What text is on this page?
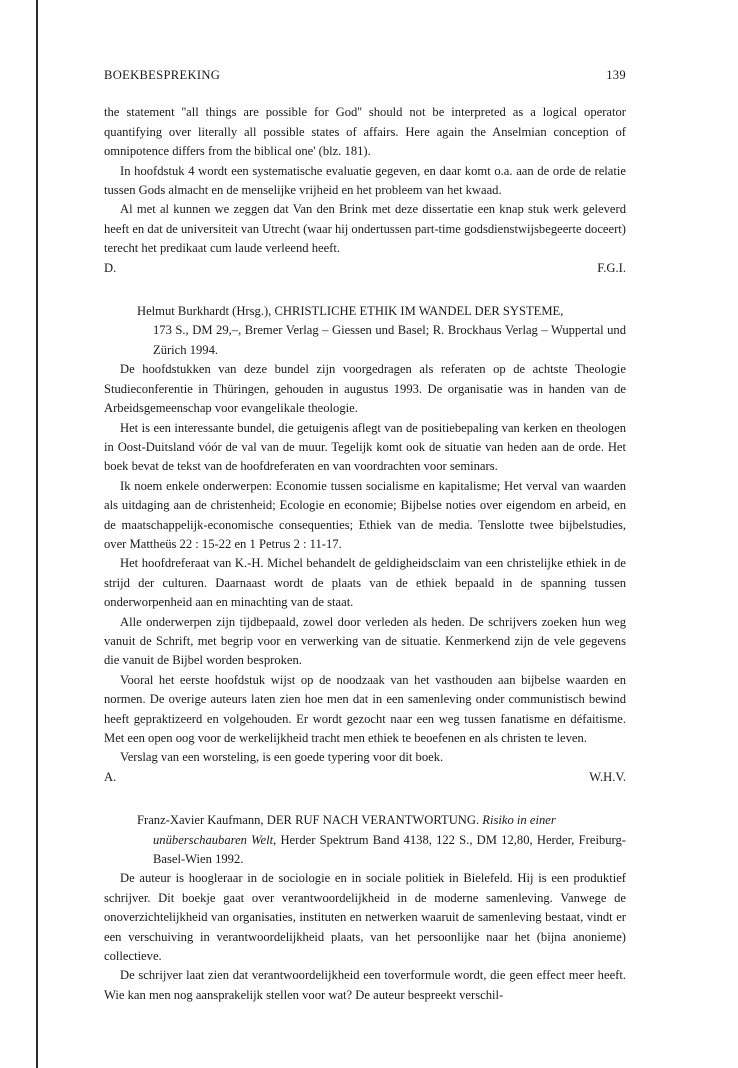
BOEKBESPREKING	139

the statement ''all things are possible for God'' should not be interpreted as a logical operator quantifying over literally all possible states of affairs. Here again the Anselmian conception of omnipotence differs from the biblical one' (blz. 181).

In hoofdstuk 4 wordt een systematische evaluatie gegeven, en daar komt o.a. aan de orde de relatie tussen Gods almacht en de menselijke vrijheid en het probleem van het kwaad.

Al met al kunnen we zeggen dat Van den Brink met deze dissertatie een knap stuk werk geleverd heeft en dat de universiteit van Utrecht (waar hij ondertussen part-time godsdienstwijsbegeerte doceert) terecht het predikaat cum laude verleend heeft.

D.	F.G.I.

Helmut Burkhardt (Hrsg.), CHRISTLICHE ETHIK IM WANDEL DER SYSTEME,
173 S., DM 29,–, Bremer Verlag – Giessen und Basel; R. Brockhaus Verlag – Wuppertal und Zürich 1994.

De hoofdstukken van deze bundel zijn voorgedragen als referaten op de achtste Theologie Studieconferentie in Thüringen, gehouden in augustus 1993. De organisatie was in handen van de Arbeidsgemeenschap voor evangelikale theologie.

Het is een interessante bundel, die getuigenis aflegt van de positiebepaling van kerken en theologen in Oost-Duitsland vóór de val van de muur. Tegelijk komt ook de situatie van heden aan de orde. Het boek bevat de tekst van de hoofdreferaten en van voordrachten voor seminars.

Ik noem enkele onderwerpen: Economie tussen socialisme en kapitalisme; Het verval van waarden als uitdaging aan de christenheid; Ecologie en economie; Bijbelse noties over eigendom en arbeid, en de maatschappelijk-economische consequenties; Ethiek van de media. Tenslotte twee bijbelstudies, over Mattheüs 22 : 15-22 en 1 Petrus 2 : 11-17.

Het hoofdreferaat van K.-H. Michel behandelt de geldigheidsclaim van een christelijke ethiek in de strijd der culturen. Daarnaast wordt de plaats van de ethiek bepaald in de spanning tussen onderworpenheid aan en minachting van de staat.

Alle onderwerpen zijn tijdbepaald, zowel door verleden als heden. De schrijvers zoeken hun weg vanuit de Schrift, met begrip voor en verwerking van de situatie. Kenmerkend zijn de vele gegevens die vanuit de Bijbel worden besproken.

Vooral het eerste hoofdstuk wijst op de noodzaak van het vasthouden aan bijbelse waarden en normen. De overige auteurs laten zien hoe men dat in een samenleving onder communistisch bewind heeft gepraktizeerd en volgehouden. Er wordt gezocht naar een weg tussen fanatisme en défaitisme. Met een open oog voor de werkelijkheid tracht men ethiek te beoefenen en als christen te leven.

Verslag van een worsteling, is een goede typering voor dit boek.

A.	W.H.V.

Franz-Xavier Kaufmann, DER RUF NACH VERANTWORTUNG. Risiko in einer
unüberschaubaren Welt, Herder Spektrum Band 4138, 122 S., DM 12,80, Herder, Freiburg-Basel-Wien 1992.

De auteur is hoogleraar in de sociologie en in sociale politiek in Bielefeld. Hij is een produktief schrijver. Dit boekje gaat over verantwoordelijkheid in de moderne samenleving. Vanwege de onoverzichtelijkheid van organisaties, instituten en netwerken waaruit de samenleving bestaat, vindt er een verschuiving in verantwoordelijkheid plaats, van het persoonlijke naar het (bijna anonieme) collectieve.

De schrijver laat zien dat verantwoordelijkheid een toverformule wordt, die geen effect meer heeft. Wie kan men nog aansprakelijk stellen voor wat? De auteur bespreekt verschil-
